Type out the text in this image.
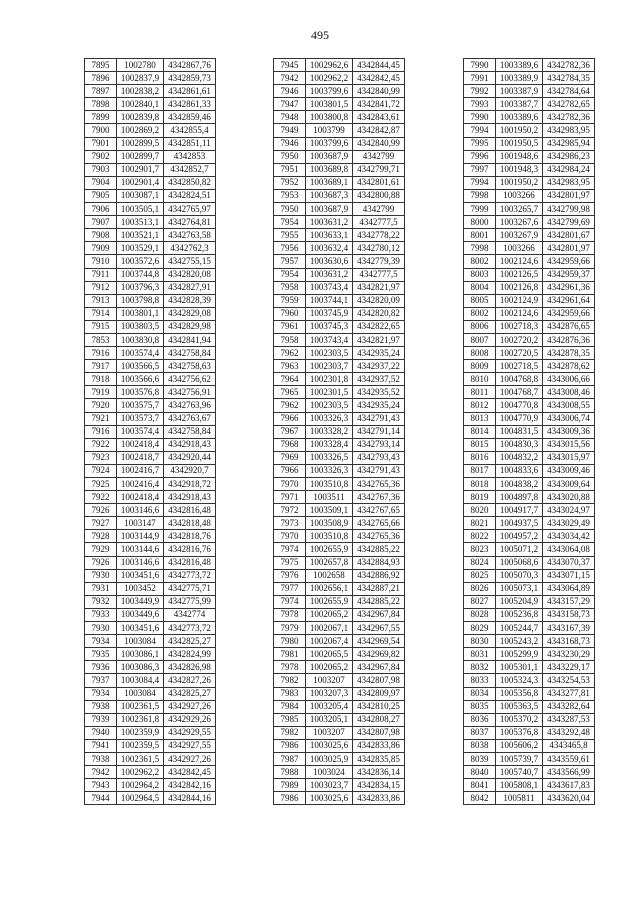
495
7895	1002780	4342867,76
7896	1002837,9	4342859,73
7897	1002838,2	4342861,61
7898	1002840,1	4342861,33
7899	1002839,8	4342859,46
7900	1002869,2	4342855,4
7901	1002899,5	4342851,11
7902	1002899,7	4342853
7903	1002901,7	4342852,7
7904	1002901,4	4342850,82
7905	1003087,1	4342824,51
7906	1003505,1	4342765,97
7907	1003513,1	4342764,81
7908	1003521,1	4342763,58
7909	1003529,1	4342762,3
7910	1003572,6	4342755,15
7911	1003744,8	4342820,08
7912	1003796,3	4342827,91
7913	1003798,8	4342828,39
7914	1003801,1	4342829,08
7915	1003803,5	4342829,98
7853	1003830,8	4342841,94
7916	1003574,4	4342758,84
7917	1003566,5	4342758,63
7918	1003566,6	4342756,62
7919	1003576,8	4342756,91
7920	1003575,7	4342763,96
7921	1003573,7	4342763,67
7916	1003574,4	4342758,84
7922	1002418,4	4342918,43
7923	1002418,7	4342920,44
7924	1002416,7	4342920,7
7925	1002416,4	4342918,72
7922	1002418,4	4342918,43
7926	1003146,6	4342816,48
7927	1003147	4342818,48
7928	1003144,9	4342818,76
7929	1003144,6	4342816,76
7926	1003146,6	4342816,48
7930	1003451,6	4342773,72
7931	1003452	4342775,71
7932	1003449,9	4342775,99
7933	1003449,6	4342774
7930	1003451,6	4342773,72
7934	1003084	4342825,27
7935	1003086,1	4342824,99
7936	1003086,3	4342826,98
7937	1003084,4	4342827,26
7934	1003084	4342825,27
7938	1002361,5	4342927,26
7939	1002361,8	4342929,26
7940	1002359,9	4342929,55
7941	1002359,5	4342927,55
7938	1002361,5	4342927,26
7942	1002962,2	4342842,45
7943	1002964,2	4342842,16
7944	1002964,5	4342844,16
7945	1002962,6	4342844,45
7942	1002962,2	4342842,45
7946	1003799,6	4342840,99
7947	1003801,5	4342841,72
7948	1003800,8	4342843,61
7949	1003799	4342842,87
7946	1003799,6	4342840,99
7950	1003687,9	4342799
7951	1003689,8	4342799,71
7952	1003689,1	4342801,61
7953	1003687,3	4342800,88
7950	1003687,9	4342799
7954	1003631,2	4342777,5
7955	1003633,1	4342778,22
7956	1003632,4	4342780,12
7957	1003630,6	4342779,39
7954	1003631,2	4342777,5
7958	1003743,4	4342821,97
7959	1003744,1	4342820,09
7960	1003745,9	4342820,82
7961	1003745,3	4342822,65
7958	1003743,4	4342821,97
7962	1002303,5	4342935,24
7963	1002303,7	4342937,22
7964	1002301,8	4342937,52
7965	1002301,5	4342935,52
7962	1002303,5	4342935,24
7966	1003326,3	4342791,43
7967	1003328,2	4342791,14
7968	1003328,4	4342793,14
7969	1003326,5	4342793,43
7966	1003326,3	4342791,43
7970	1003510,8	4342765,36
7971	1003511	4342767,36
7972	1003509,1	4342767,65
7973	1003508,9	4342765,66
7970	1003510,8	4342765,36
7974	1002655,9	4342885,22
7975	1002657,8	4342884,93
7976	1002658	4342886,92
7977	1002656,1	4342887,21
7974	1002655,9	4342885,22
7978	1002065,2	4342967,84
7979	1002067,1	4342967,55
7980	1002067,4	4342969,54
7981	1002065,5	4342969,82
7978	1002065,2	4342967,84
7982	1003207	4342807,98
7983	1003207,3	4342809,97
7984	1003205,4	4342810,25
7985	1003205,1	4342808,27
7982	1003207	4342807,98
7986	1003025,6	4342833,86
7987	1003025,9	4342835,85
7988	1003024	4342836,14
7989	1003023,7	4342834,15
7986	1003025,6	4342833,86
7990	1003389,6	4342782,36
7991	1003389,9	4342784,35
7992	1003387,9	4342784,64
7993	1003387,7	4342782,65
7990	1003389,6	4342782,36
7994	1001950,2	4342983,95
7995	1001950,5	4342985,94
7996	1001948,6	4342986,23
7997	1001948,3	4342984,24
7994	1001950,2	4342983,95
7998	1003266	4342801,97
7999	1003265,7	4342799,98
8000	1003267,6	4342799,69
8001	1003267,9	4342801,67
7998	1003266	4342801,97
8002	1002124,6	4342959,66
8003	1002126,5	4342959,37
8004	1002126,8	4342961,36
8005	1002124,9	4342961,64
8002	1002124,6	4342959,66
8006	1002718,3	4342876,65
8007	1002720,2	4342876,36
8008	1002720,5	4342878,35
8009	1002718,5	4342878,62
8010	1004768,8	4343006,66
8011	1004768,7	4343008,46
8012	1004770,8	4343008,55
8013	1004770,9	4343006,74
8014	1004831,5	4343009,36
8015	1004830,3	4343015,56
8016	1004832,2	4343015,97
8017	1004833,6	4343009,46
8018	1004838,2	4343009,64
8019	1004897,8	4343020,88
8020	1004917,7	4343024,97
8021	1004937,5	4343029,49
8022	1004957,2	4343034,42
8023	1005071,2	4343064,08
8024	1005068,6	4343070,37
8025	1005070,3	4343071,15
8026	1005073,1	4343064,89
8027	1005204,9	4343157,29
8028	1005236,8	4343158,73
8029	1005244,7	4343167,39
8030	1005243,2	4343168,73
8031	1005299,9	4343230,29
8032	1005301,1	4343229,17
8033	1005324,3	4343254,53
8034	1005356,8	4343277,81
8035	1005363,5	4343282,64
8036	1005370,2	4343287,53
8037	1005376,8	4343292,48
8038	1005606,2	4343465,8
8039	1005739,7	4343559,61
8040	1005740,7	4343566,99
8041	1005808,1	4343617,83
8042	1005811	4343620,04
